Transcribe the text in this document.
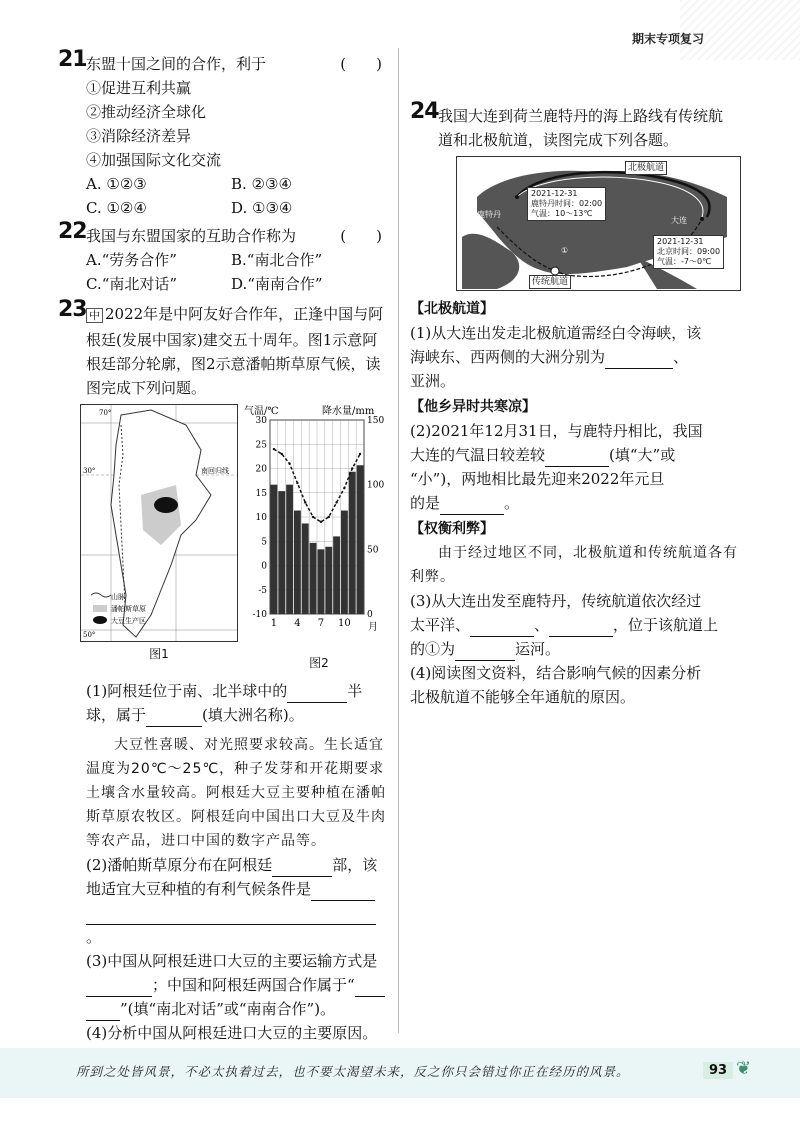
期末专项复习
21 东盟十国之间的合作，利于	(　　)
①促进互利共赢
②推动经济全球化
③消除经济差异
④加强国际文化交流
A. ①②③	B. ②③④
C. ①②④	D. ①③④
22 我国与东盟国家的互助合作称为	(　　)
A.“劳务合作”	B.“南北合作”
C.“南北对话”	D.“南南合作”
23 中 2022年是中阿友好合作年，正逢中国与阿
根廷(发展中国家)建交五十周年。图1示意阿
根廷部分轮廓，图2示意潘帕斯草原气候，读
图完成下列问题。
山脉
潘帕斯草原
大豆生产区
南回归线
70°
50°
30°
图1
气温/℃	降水量/mm
月
30
25
20
15
10
5
0
-5
-10
150
100
50
0
1 4 7 10
图2
(1)阿根廷位于南、北半球中的	半
球，属于	(填大洲名称)。
大豆性喜暖、对光照要求较高。生长适宜温度为20℃～25℃，种子发芽和开花期要求土壤含水量较高。阿根廷大豆主要种植在潘帕斯草原农牧区。阿根廷向中国出口大豆及牛肉等农产品，进口中国的数字产品等。
(2)潘帕斯草原分布在阿根廷	部，该
地适宜大豆种植的有利气候条件是
。
(3)中国从阿根廷进口大豆的主要运输方式是
；中国和阿根廷两国合作属于“
”(填“南北对话”或“南南合作”)。
(4)分析中国从阿根廷进口大豆的主要原因。
24 我国大连到荷兰鹿特丹的海上路线有传统航
道和北极航道，读图完成下列各题。
北极航道
传统航道
鹿特丹
大连
①
2021-12-31
鹿特丹时间：02:00
气温：10～13℃
2021-12-31
北京时间：09:00
气温：-7～0℃
【北极航道】
(1)从大连出发走北极航道需经白令海峡，该
海峡东、西两侧的大洲分别为	、
亚洲。
【他乡异时共寒凉】
(2)2021年12月31日，与鹿特丹相比，我国
大连的气温日较差较	(填“大”或
“小”)，两地相比最先迎来2022年元旦
的是	。
【权衡利弊】
由于经过地区不同，北极航道和传统航道各有利弊。
(3)从大连出发至鹿特丹，传统航道依次经过
太平洋、	、	，位于该航道上
的①为	运河。
(4)阅读图文资料，结合影响气候的因素分析
北极航道不能够全年通航的原因。
所到之处皆风景，不必太执着过去，也不要太渴望未来，反之你只会错过你正在经历的风景。	93 ❦
